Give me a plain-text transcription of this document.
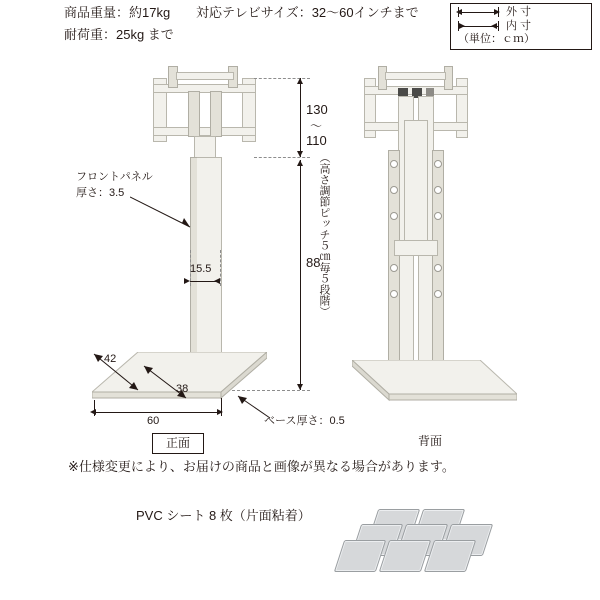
商品重量：約17kg
耐荷重：25kg まで
対応テレビサイズ：32～60インチまで	外 寸
内 寸
（単位：ｃｍ）
フロントパネル
厚さ：3.5
15.5
42
38
60	ベース厚さ：0.5
130
～
110
88
（高さ調節ピッチ５㎝毎５段階）
正面	背面
※仕様変更により、お届けの商品と画像が異なる場合があります。
PVC シート 8 枚（片面粘着）
